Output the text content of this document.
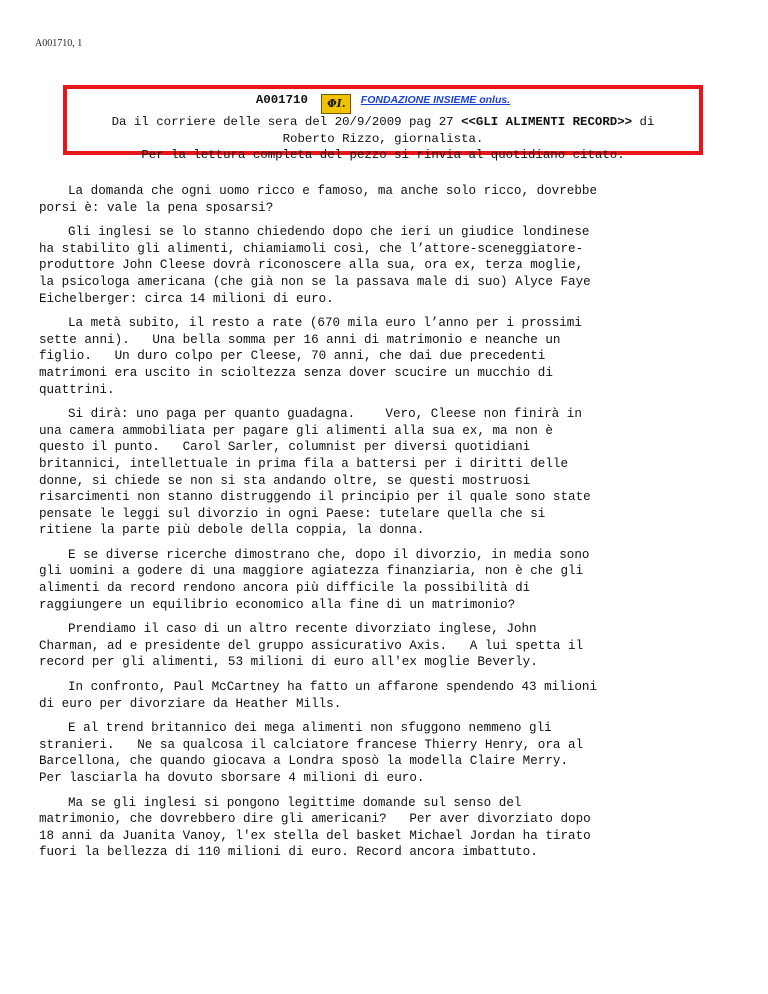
A001710, 1
A001710 ΦI. FONDAZIONE INSIEME onlus.
Da il corriere delle sera del 20/9/2009 pag 27 <<GLI ALIMENTI RECORD>> di
Roberto Rizzo, giornalista.
Per la lettura completa del pezzo si rinvia al quotidiano citato.

La domanda che ogni uomo ricco e famoso, ma anche solo ricco, dovrebbe
porsi è: vale la pena sposarsi?

Gli inglesi se lo stanno chiedendo dopo che ieri un giudice londinese
ha stabilito gli alimenti, chiamiamoli così, che l’attore-sceneggiatore-
produttore John Cleese dovrà riconoscere alla sua, ora ex, terza moglie,
la psicologa americana (che già non se la passava male di suo) Alyce Faye
Eichelberger: circa 14 milioni di euro.

La metà subito, il resto a rate (670 mila euro l’anno per i prossimi
sette anni).   Una bella somma per 16 anni di matrimonio e neanche un
figlio.   Un duro colpo per Cleese, 70 anni, che dai due precedenti
matrimoni era uscito in scioltezza senza dover scucire un mucchio di
quattrini.

Si dirà: uno paga per quanto guadagna.    Vero, Cleese non finirà in
una camera ammobiliata per pagare gli alimenti alla sua ex, ma non è
questo il punto.   Carol Sarler, columnist per diversi quotidiani
britannici, intellettuale in prima fila a battersi per i diritti delle
donne, si chiede se non si sta andando oltre, se questi mostruosi
risarcimenti non stanno distruggendo il principio per il quale sono state
pensate le leggi sul divorzio in ogni Paese: tutelare quella che si
ritiene la parte più debole della coppia, la donna.

E se diverse ricerche dimostrano che, dopo il divorzio, in media sono
gli uomini a godere di una maggiore agiatezza finanziaria, non è che gli
alimenti da record rendono ancora più difficile la possibilità di
raggiungere un equilibrio economico alla fine di un matrimonio?

Prendiamo il caso di un altro recente divorziato inglese, John
Charman, ad e presidente del gruppo assicurativo Axis.   A lui spetta il
record per gli alimenti, 53 milioni di euro all'ex moglie Beverly.

In confronto, Paul McCartney ha fatto un affarone spendendo 43 milioni
di euro per divorziare da Heather Mills.

E al trend britannico dei mega alimenti non sfuggono nemmeno gli
stranieri.   Ne sa qualcosa il calciatore francese Thierry Henry, ora al
Barcellona, che quando giocava a Londra sposò la modella Claire Merry.
Per lasciarla ha dovuto sborsare 4 milioni di euro.

Ma se gli inglesi si pongono legittime domande sul senso del
matrimonio, che dovrebbero dire gli americani?   Per aver divorziato dopo
18 anni da Juanita Vanoy, l'ex stella del basket Michael Jordan ha tirato
fuori la bellezza di 110 milioni di euro. Record ancora imbattuto.
